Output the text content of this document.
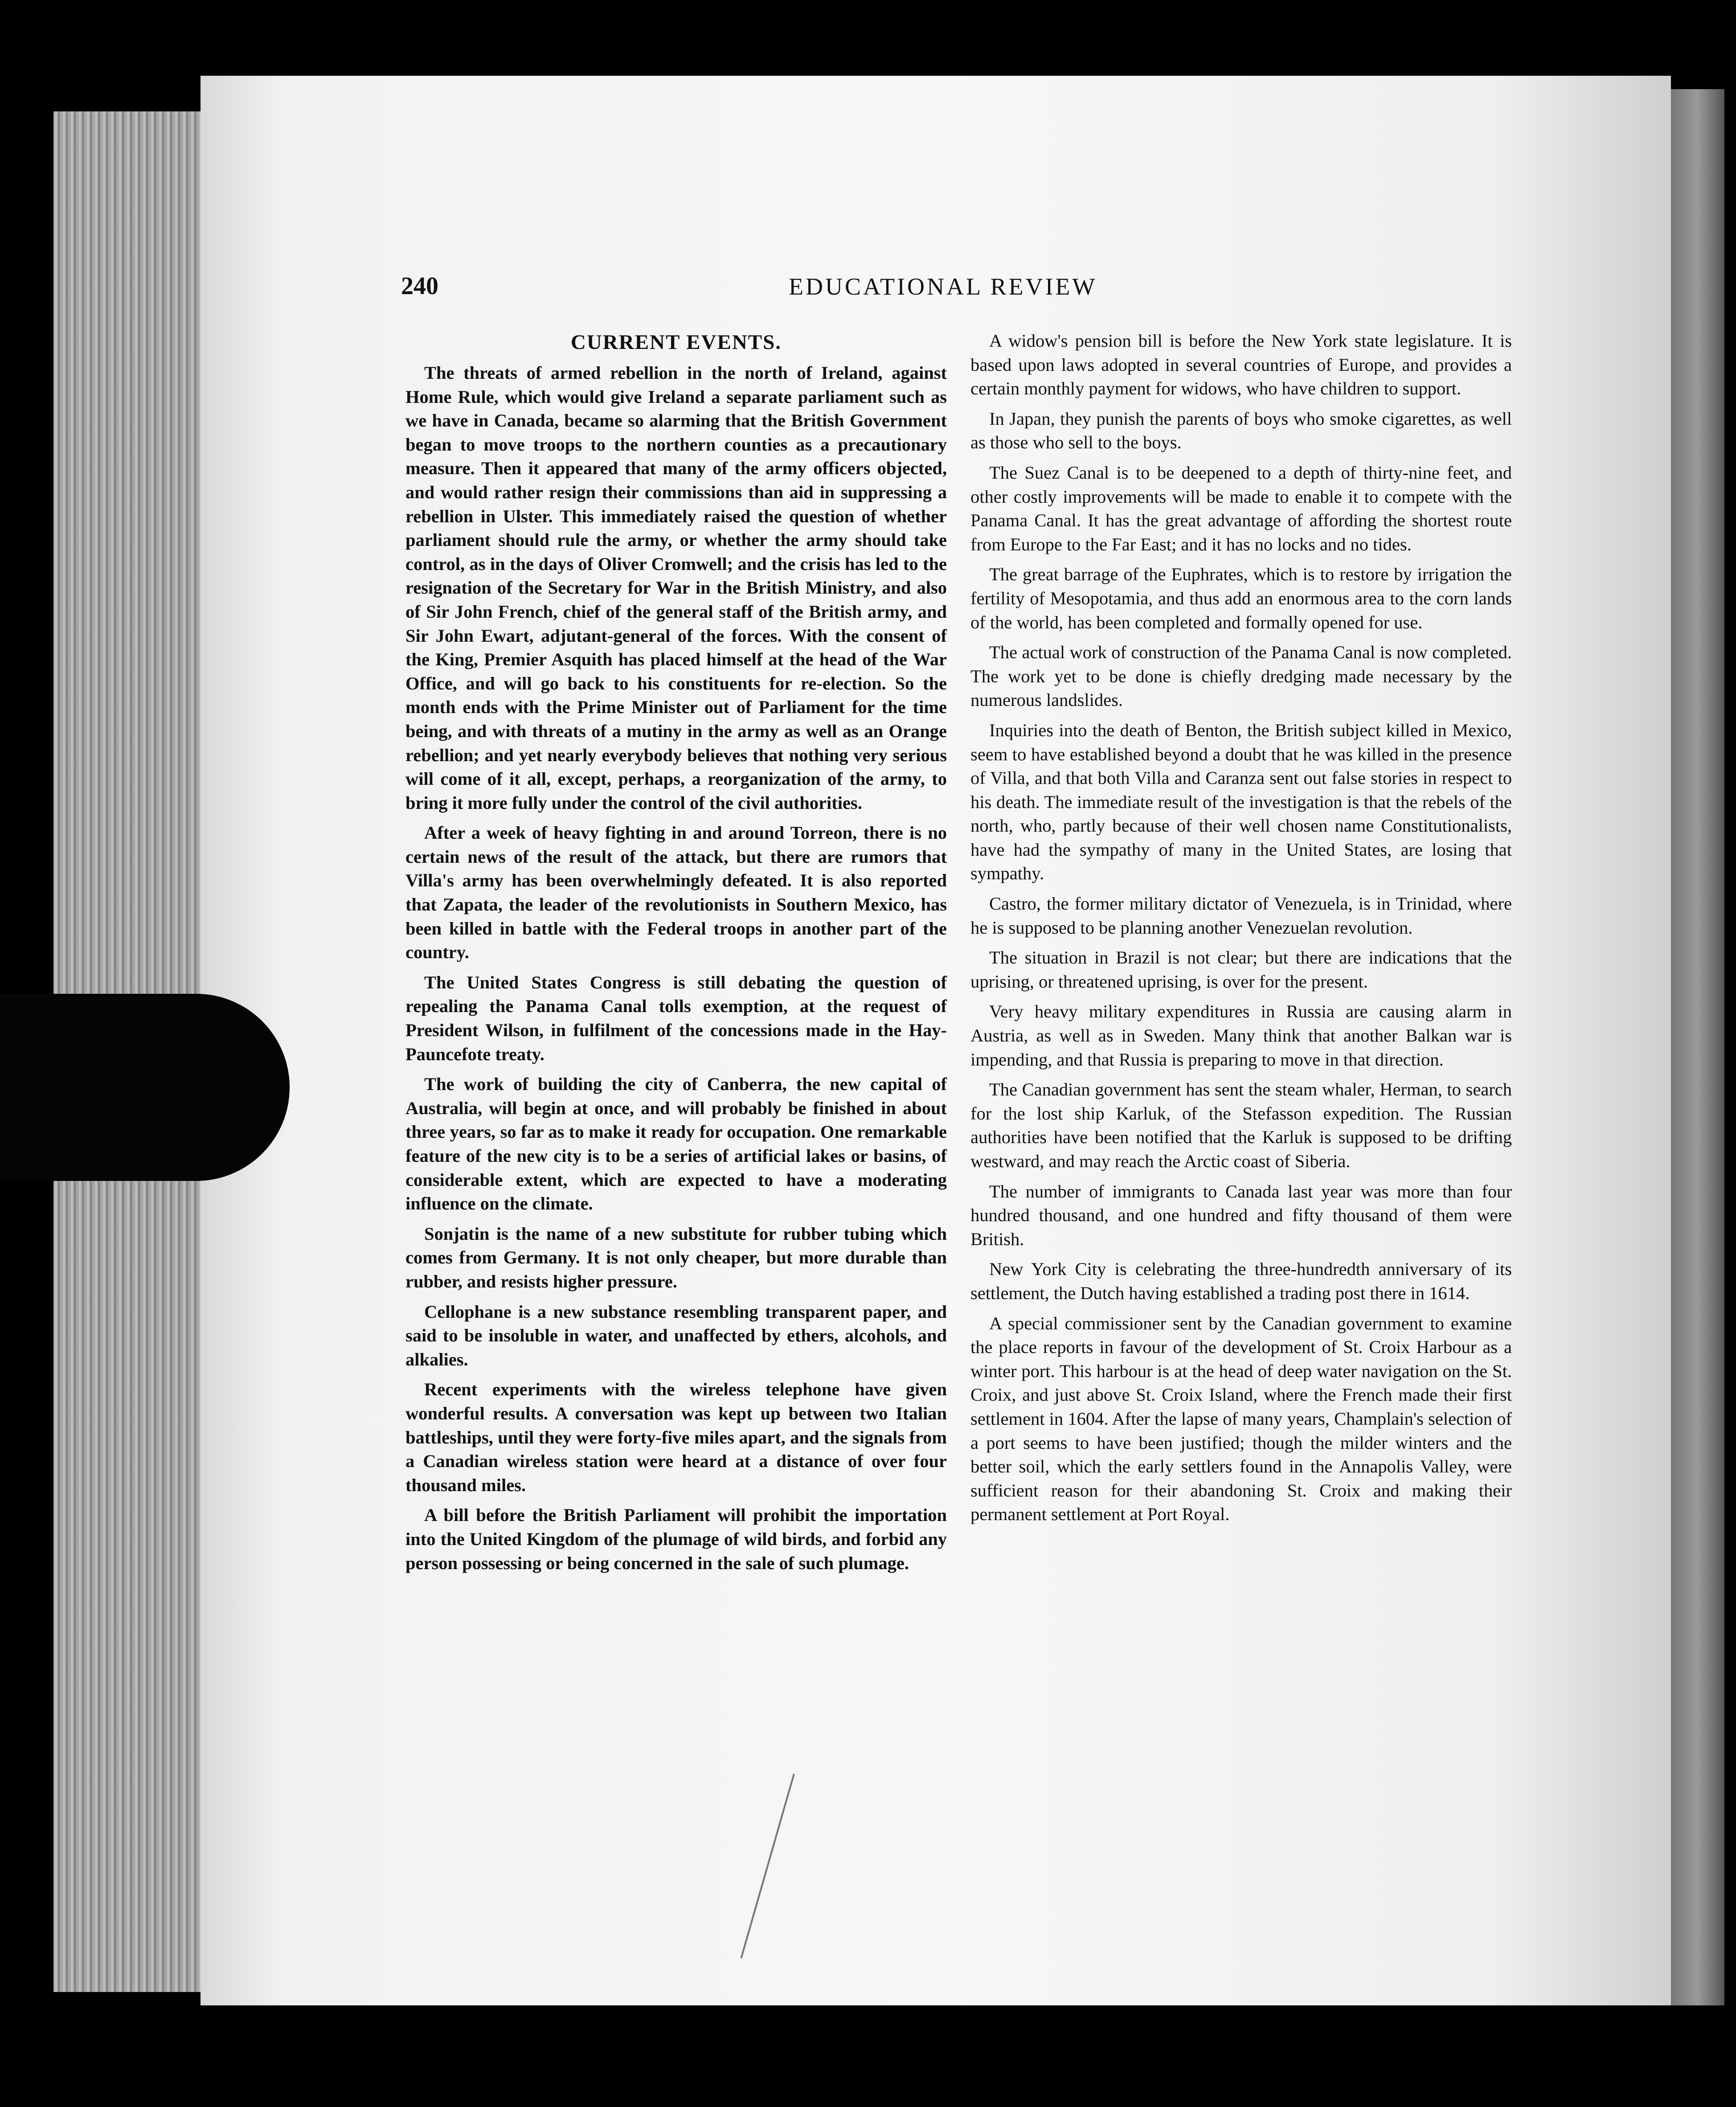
240	EDUCATIONAL REVIEW
CURRENT EVENTS.

The threats of armed rebellion in the north of Ireland, against Home Rule, which would give Ireland a separate parliament such as we have in Canada, became so alarming that the British Government began to move troops to the northern counties as a precautionary measure. Then it appeared that many of the army officers objected, and would rather resign their commissions than aid in suppressing a rebellion in Ulster. This immediately raised the question of whether parliament should rule the army, or whether the army should take control, as in the days of Oliver Cromwell; and the crisis has led to the resignation of the Secretary for War in the British Ministry, and also of Sir John French, chief of the general staff of the British army, and Sir John Ewart, adjutant-general of the forces. With the consent of the King, Premier Asquith has placed himself at the head of the War Office, and will go back to his constituents for re-election. So the month ends with the Prime Minister out of Parliament for the time being, and with threats of a mutiny in the army as well as an Orange rebellion; and yet nearly everybody believes that nothing very serious will come of it all, except, perhaps, a reorganization of the army, to bring it more fully under the control of the civil authorities.

After a week of heavy fighting in and around Torreon, there is no certain news of the result of the attack, but there are rumors that Villa's army has been overwhelmingly defeated. It is also reported that Zapata, the leader of the revolutionists in Southern Mexico, has been killed in battle with the Federal troops in another part of the country.

The United States Congress is still debating the question of repealing the Panama Canal tolls exemption, at the request of President Wilson, in fulfilment of the concessions made in the Hay-Pauncefote treaty.

The work of building the city of Canberra, the new capital of Australia, will begin at once, and will probably be finished in about three years, so far as to make it ready for occupation. One remarkable feature of the new city is to be a series of artificial lakes or basins, of considerable extent, which are expected to have a moderating influence on the climate.

Sonjatin is the name of a new substitute for rubber tubing which comes from Germany. It is not only cheaper, but more durable than rubber, and resists higher pressure.

Cellophane is a new substance resembling transparent paper, and said to be insoluble in water, and unaffected by ethers, alcohols, and alkalies.

Recent experiments with the wireless telephone have given wonderful results. A conversation was kept up between two Italian battleships, until they were forty-five miles apart, and the signals from a Canadian wireless station were heard at a distance of over four thousand miles.

A bill before the British Parliament will prohibit the importation into the United Kingdom of the plumage of wild birds, and forbid any person possessing or being concerned in the sale of such plumage.

A widow's pension bill is before the New York state legislature. It is based upon laws adopted in several countries of Europe, and provides a certain monthly payment for widows, who have children to support.

In Japan, they punish the parents of boys who smoke cigarettes, as well as those who sell to the boys.

The Suez Canal is to be deepened to a depth of thirty-nine feet, and other costly improvements will be made to enable it to compete with the Panama Canal. It has the great advantage of affording the shortest route from Europe to the Far East; and it has no locks and no tides.

The great barrage of the Euphrates, which is to restore by irrigation the fertility of Mesopotamia, and thus add an enormous area to the corn lands of the world, has been completed and formally opened for use.

The actual work of construction of the Panama Canal is now completed. The work yet to be done is chiefly dredging made necessary by the numerous landslides.

Inquiries into the death of Benton, the British subject killed in Mexico, seem to have established beyond a doubt that he was killed in the presence of Villa, and that both Villa and Caranza sent out false stories in respect to his death. The immediate result of the investigation is that the rebels of the north, who, partly because of their well chosen name Constitutionalists, have had the sympathy of many in the United States, are losing that sympathy.

Castro, the former military dictator of Venezuela, is in Trinidad, where he is supposed to be planning another Venezuelan revolution.

The situation in Brazil is not clear; but there are indications that the uprising, or threatened uprising, is over for the present.

Very heavy military expenditures in Russia are causing alarm in Austria, as well as in Sweden. Many think that another Balkan war is impending, and that Russia is preparing to move in that direction.

The Canadian government has sent the steam whaler, Herman, to search for the lost ship Karluk, of the Stefasson expedition. The Russian authorities have been notified that the Karluk is supposed to be drifting westward, and may reach the Arctic coast of Siberia.

The number of immigrants to Canada last year was more than four hundred thousand, and one hundred and fifty thousand of them were British.

New York City is celebrating the three-hundredth anniversary of its settlement, the Dutch having established a trading post there in 1614.

A special commissioner sent by the Canadian government to examine the place reports in favour of the development of St. Croix Harbour as a winter port. This harbour is at the head of deep water navigation on the St. Croix, and just above St. Croix Island, where the French made their first settlement in 1604. After the lapse of many years, Champlain's selection of a port seems to have been justified; though the milder winters and the better soil, which the early settlers found in the Annapolis Valley, were sufficient reason for their abandoning St. Croix and making their permanent settlement at Port Royal.
